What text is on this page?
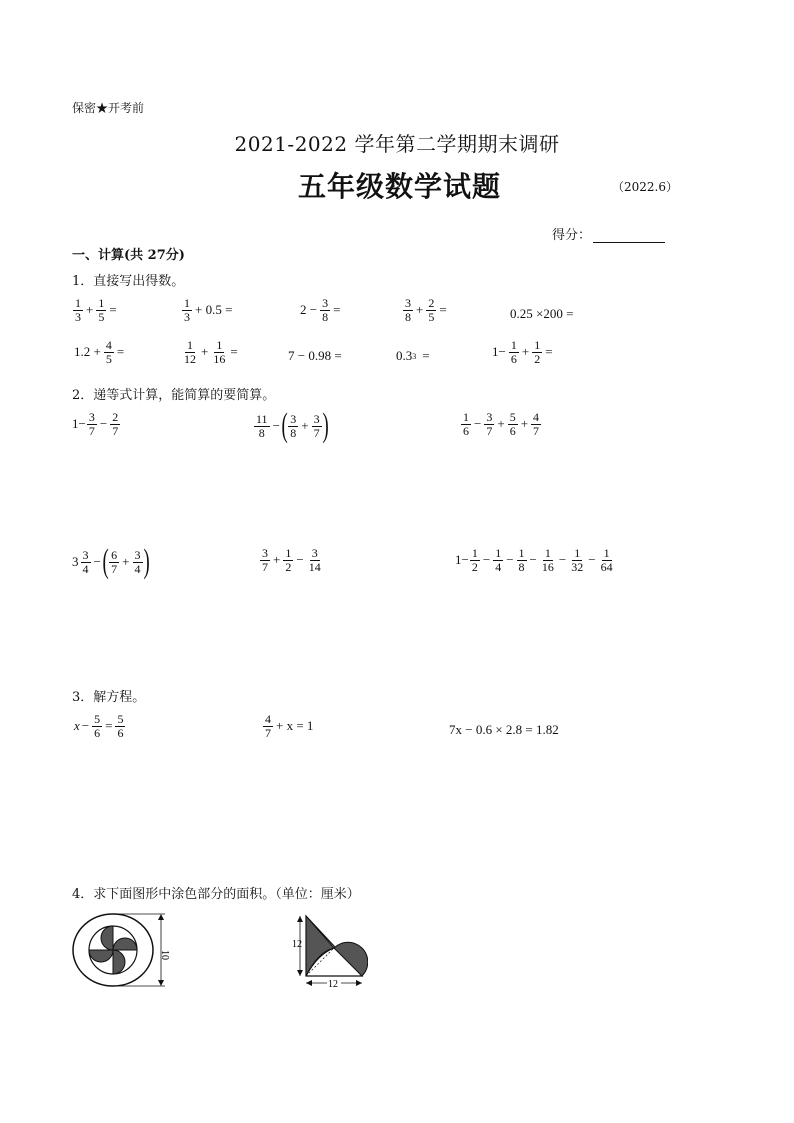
保密★开考前
2021-2022 学年第二学期期末调研
五年级数学试题	（2022.6）
得分：
一、计算(共 27分)
1．直接写出得数。
$\frac{1}{3} + \frac{1}{5}$ =	$\frac{1}{3} + 0.5$ =	$2 - \frac{3}{8}$ =	$\frac{3}{8} + \frac{2}{5}$ =	0.25 ×200 =
$1.2 + \frac{4}{5}$ =	$\frac{1}{12} + \frac{1}{16}$ =	7 − 0.98 =	0.3 3 =	$1- \frac{1}{6} + \frac{1}{2}$ =
2．递等式计算，能简算的要简算。
$1- \frac{3}{7} - \frac{2}{7}$	$\frac{11}{8}$ − ( $\frac{3}{8} + \frac{3}{7}$ )	$\frac{1}{6} - \frac{3}{7} + \frac{5}{6} + \frac{4}{7}$
$3 \frac{3}{4}$ − ( $\frac{6}{7} + \frac{3}{4}$ )	$\frac{3}{7} + \frac{1}{2} - \frac{3}{14}$	$1- \frac{1}{2} - \frac{1}{4} - \frac{1}{8} - \frac{1}{16} - \frac{1}{32} - \frac{1}{64}$
3．解方程。
$x - \frac{5}{6} = \frac{5}{6}$	$\frac{4}{7} + x = 1$	7x − 0.6 × 2.8 = 1.82
4．求下面图形中涂色部分的面积。（单位：厘米）
10
12
12
